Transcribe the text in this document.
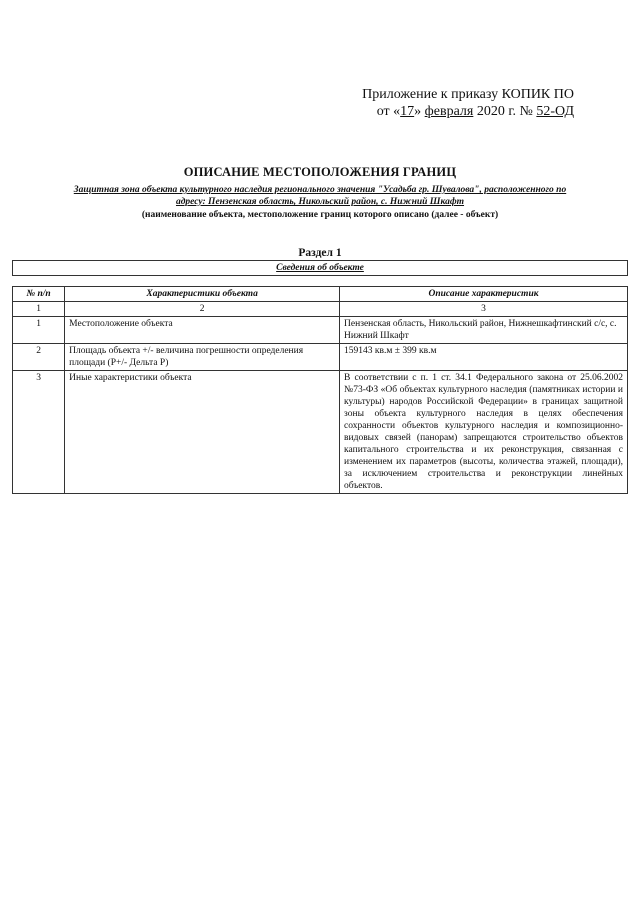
Приложение к приказу КОПИК ПО
от «17» февраля 2020 г. № 52-ОД
ОПИСАНИЕ МЕСТОПОЛОЖЕНИЯ ГРАНИЦ
Защитная зона объекта культурного наследия регионального значения "Усадьба гр. Шувалова", расположенного по адресу: Пензенская область, Никольский район, с. Нижний Шкафт
(наименование объекта, местоположение границ которого описано (далее - объект)
Раздел 1
Сведения об объекте		

№ п/п	Характеристики объекта	Описание характеристик
1	2	3
1	Местоположение объекта	Пензенская область, Никольский район, Нижнешкафтинский с/с, с. Нижний Шкафт
2	Площадь объекта +/- величина погрешности определения площади (Р+/- Дельта Р)	159143 кв.м ± 399 кв.м
3	Иные характеристики объекта	В соответствии с п. 1 ст. 34.1 Федерального закона от 25.06.2002 №73-ФЗ «Об объектах культурного наследия (памятниках истории и культуры) народов Российской Федерации» в границах защитной зоны объекта культурного наследия в целях обеспечения сохранности объектов культурного наследия и композиционно-видовых связей (панорам) запрещаются строительство объектов капитального строительства и их реконструкция, связанная с изменением их параметров (высоты, количества этажей, площади), за исключением строительства и реконструкции линейных объектов.
